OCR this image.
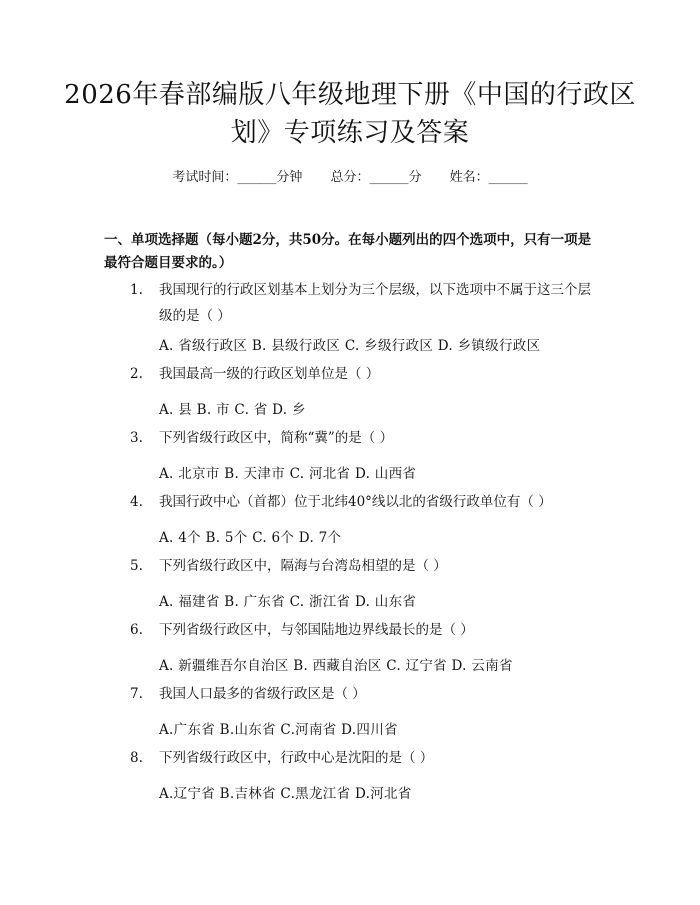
2026年春部编版八年级地理下册《中国的行政区划》专项练习及答案
考试时间：______分钟 总分：______分 姓名：______
一、单项选择题（每小题2分，共50分。在每小题列出的四个选项中，只有一项是最符合题目要求的。）
1.	我国现行的行政区划基本上划分为三个层级，以下选项中不属于这三个层级的是（ ）
A. 省级行政区 B. 县级行政区 C. 乡级行政区 D. 乡镇级行政区
2.	我国最高一级的行政区划单位是（ ）
A. 县 B. 市 C. 省 D. 乡
3.	下列省级行政区中，简称“冀”的是（ ）
A. 北京市 B. 天津市 C. 河北省 D. 山西省
4.	我国行政中心（首都）位于北纬40°线以北的省级行政单位有（ ）
A. 4个 B. 5个 C. 6个 D. 7个
5.	下列省级行政区中，隔海与台湾岛相望的是（ ）
A. 福建省 B. 广东省 C. 浙江省 D. 山东省
6.	下列省级行政区中，与邻国陆地边界线最长的是（ ）
A. 新疆维吾尔自治区 B. 西藏自治区 C. 辽宁省 D. 云南省
7.	我国人口最多的省级行政区是（ ）
A.广东省 B.山东省 C.河南省 D.四川省
8.	下列省级行政区中，行政中心是沈阳的是（ ）
A.辽宁省 B.吉林省 C.黑龙江省 D.河北省
